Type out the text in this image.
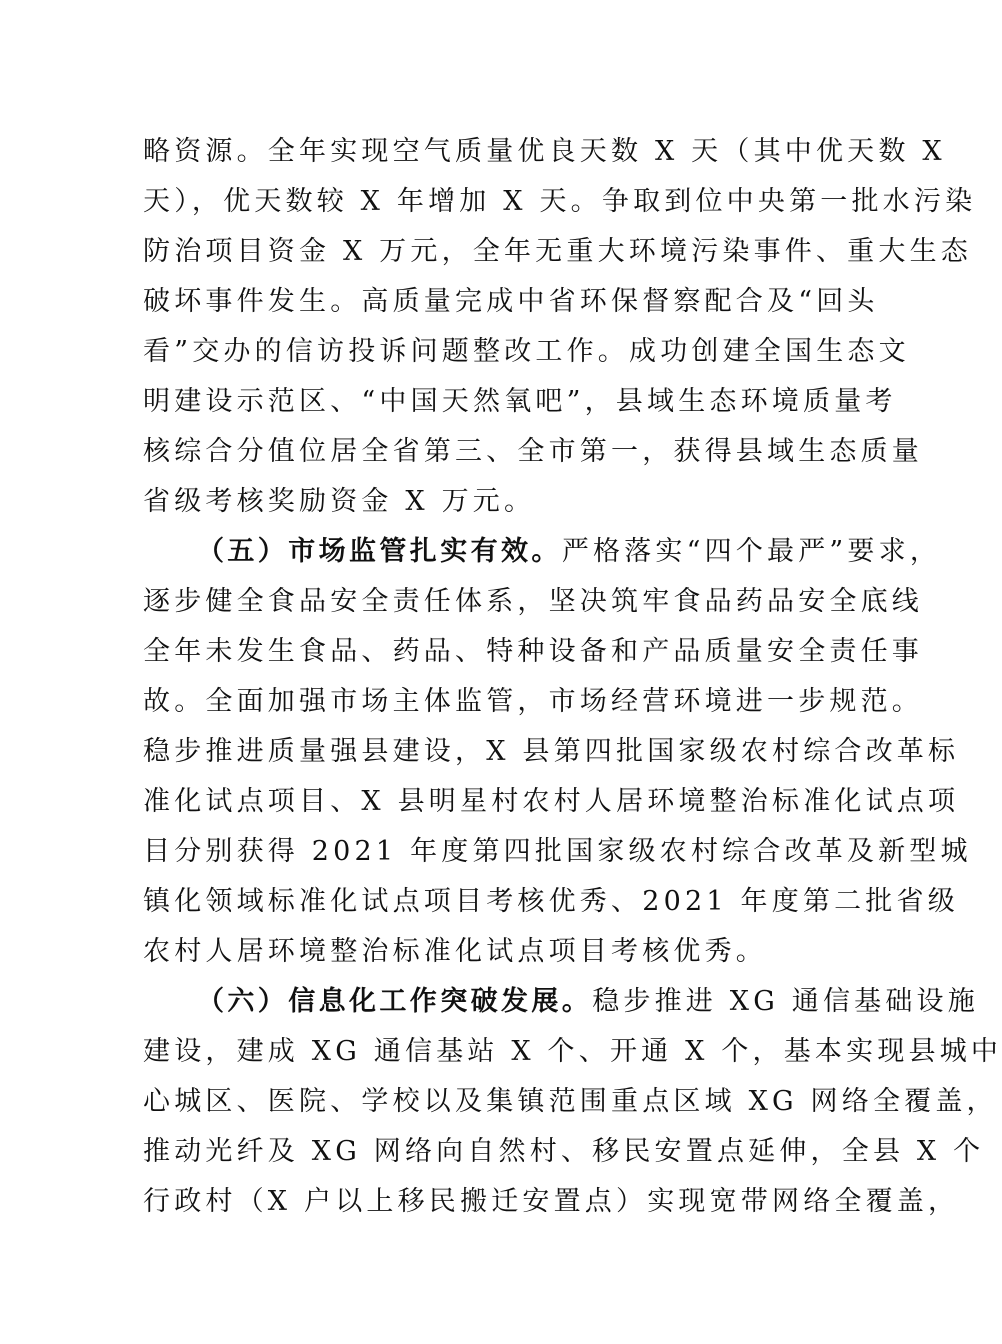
略资源。全年实现空气质量优良天数 X 天（其中优天数 X
天），优天数较 X 年增加 X 天。争取到位中央第一批水污染
防治项目资金 X 万元，全年无重大环境污染事件、重大生态
破坏事件发生。高质量完成中省环保督察配合及“回头
看”交办的信访投诉问题整改工作。成功创建全国生态文
明建设示范区、“中国天然氧吧”，县域生态环境质量考
核综合分值位居全省第三、全市第一，获得县域生态质量
省级考核奖励资金 X 万元。
（五）市场监管扎实有效。严格落实“四个最严”要求，
逐步健全食品安全责任体系，坚决筑牢食品药品安全底线
全年未发生食品、药品、特种设备和产品质量安全责任事
故。全面加强市场主体监管，市场经营环境进一步规范。
稳步推进质量强县建设，X 县第四批国家级农村综合改革标
准化试点项目、X 县明星村农村人居环境整治标准化试点项
目分别获得 2021 年度第四批国家级农村综合改革及新型城
镇化领域标准化试点项目考核优秀、2021 年度第二批省级
农村人居环境整治标准化试点项目考核优秀。
（六）信息化工作突破发展。稳步推进 XG 通信基础设施
建设，建成 XG 通信基站 X 个、开通 X 个，基本实现县城中
心城区、医院、学校以及集镇范围重点区域 XG 网络全覆盖，
推动光纤及 XG 网络向自然村、移民安置点延伸，全县 X 个
行政村（X 户以上移民搬迁安置点）实现宽带网络全覆盖，
